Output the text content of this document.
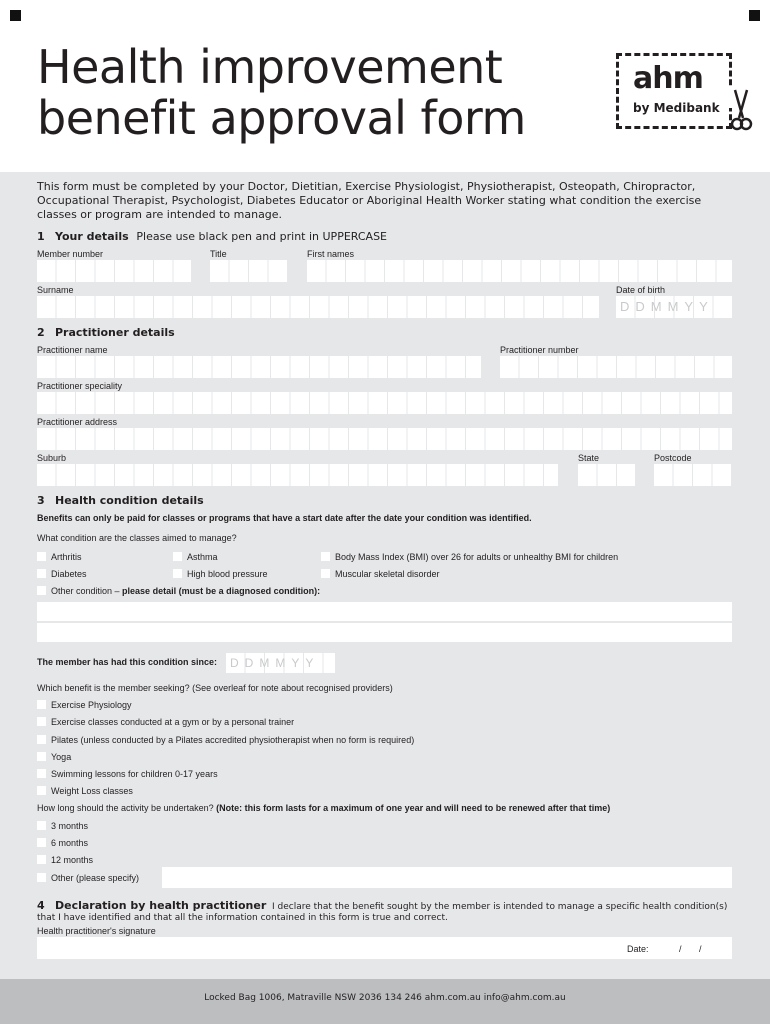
Health improvement
benefit approval form
ahm
by Medibank
This form must be completed by your Doctor, Dietitian, Exercise Physiologist, Physiotherapist, Osteopath, Chiropractor, Occupational Therapist, Psychologist, Diabetes Educator or Aboriginal Health Worker stating what condition the exercise classes or program are intended to manage.
1 Your details Please use black pen and print in UPPERCASE
Member number	Title	First names
Surname	Date of birth
DDMMYY
2 Practitioner details
Practitioner name	Practitioner number
Practitioner speciality
Practitioner address
Suburb	State	Postcode
3 Health condition details
Benefits can only be paid for classes or programs that have a start date after the date your condition was identified.
What condition are the classes aimed to manage?
Arthritis	Asthma	Body Mass Index (BMI) over 26 for adults or unhealthy BMI for children
Diabetes	High blood pressure	Muscular skeletal disorder
Other condition – please detail (must be a diagnosed condition):
The member has had this condition since:	DDMMYY
Which benefit is the member seeking? (See overleaf for note about recognised providers)
Exercise Physiology
Exercise classes conducted at a gym or by a personal trainer
Pilates (unless conducted by a Pilates accredited physiotherapist when no form is required)
Yoga
Swimming lessons for children 0-17 years
Weight Loss classes
How long should the activity be undertaken? (Note: this form lasts for a maximum of one year and will need to be renewed after that time)
3 months
6 months
12 months
Other (please specify)
4 Declaration by health practitioner I declare that the benefit sought by the member is intended to manage a specific health condition(s) that I have identified and that all the information contained in this form is true and correct.
Health practitioner's signature
Date:	/       /
Locked Bag 1006, Matraville NSW 2036 134 246 ahm.com.au info@ahm.com.au
